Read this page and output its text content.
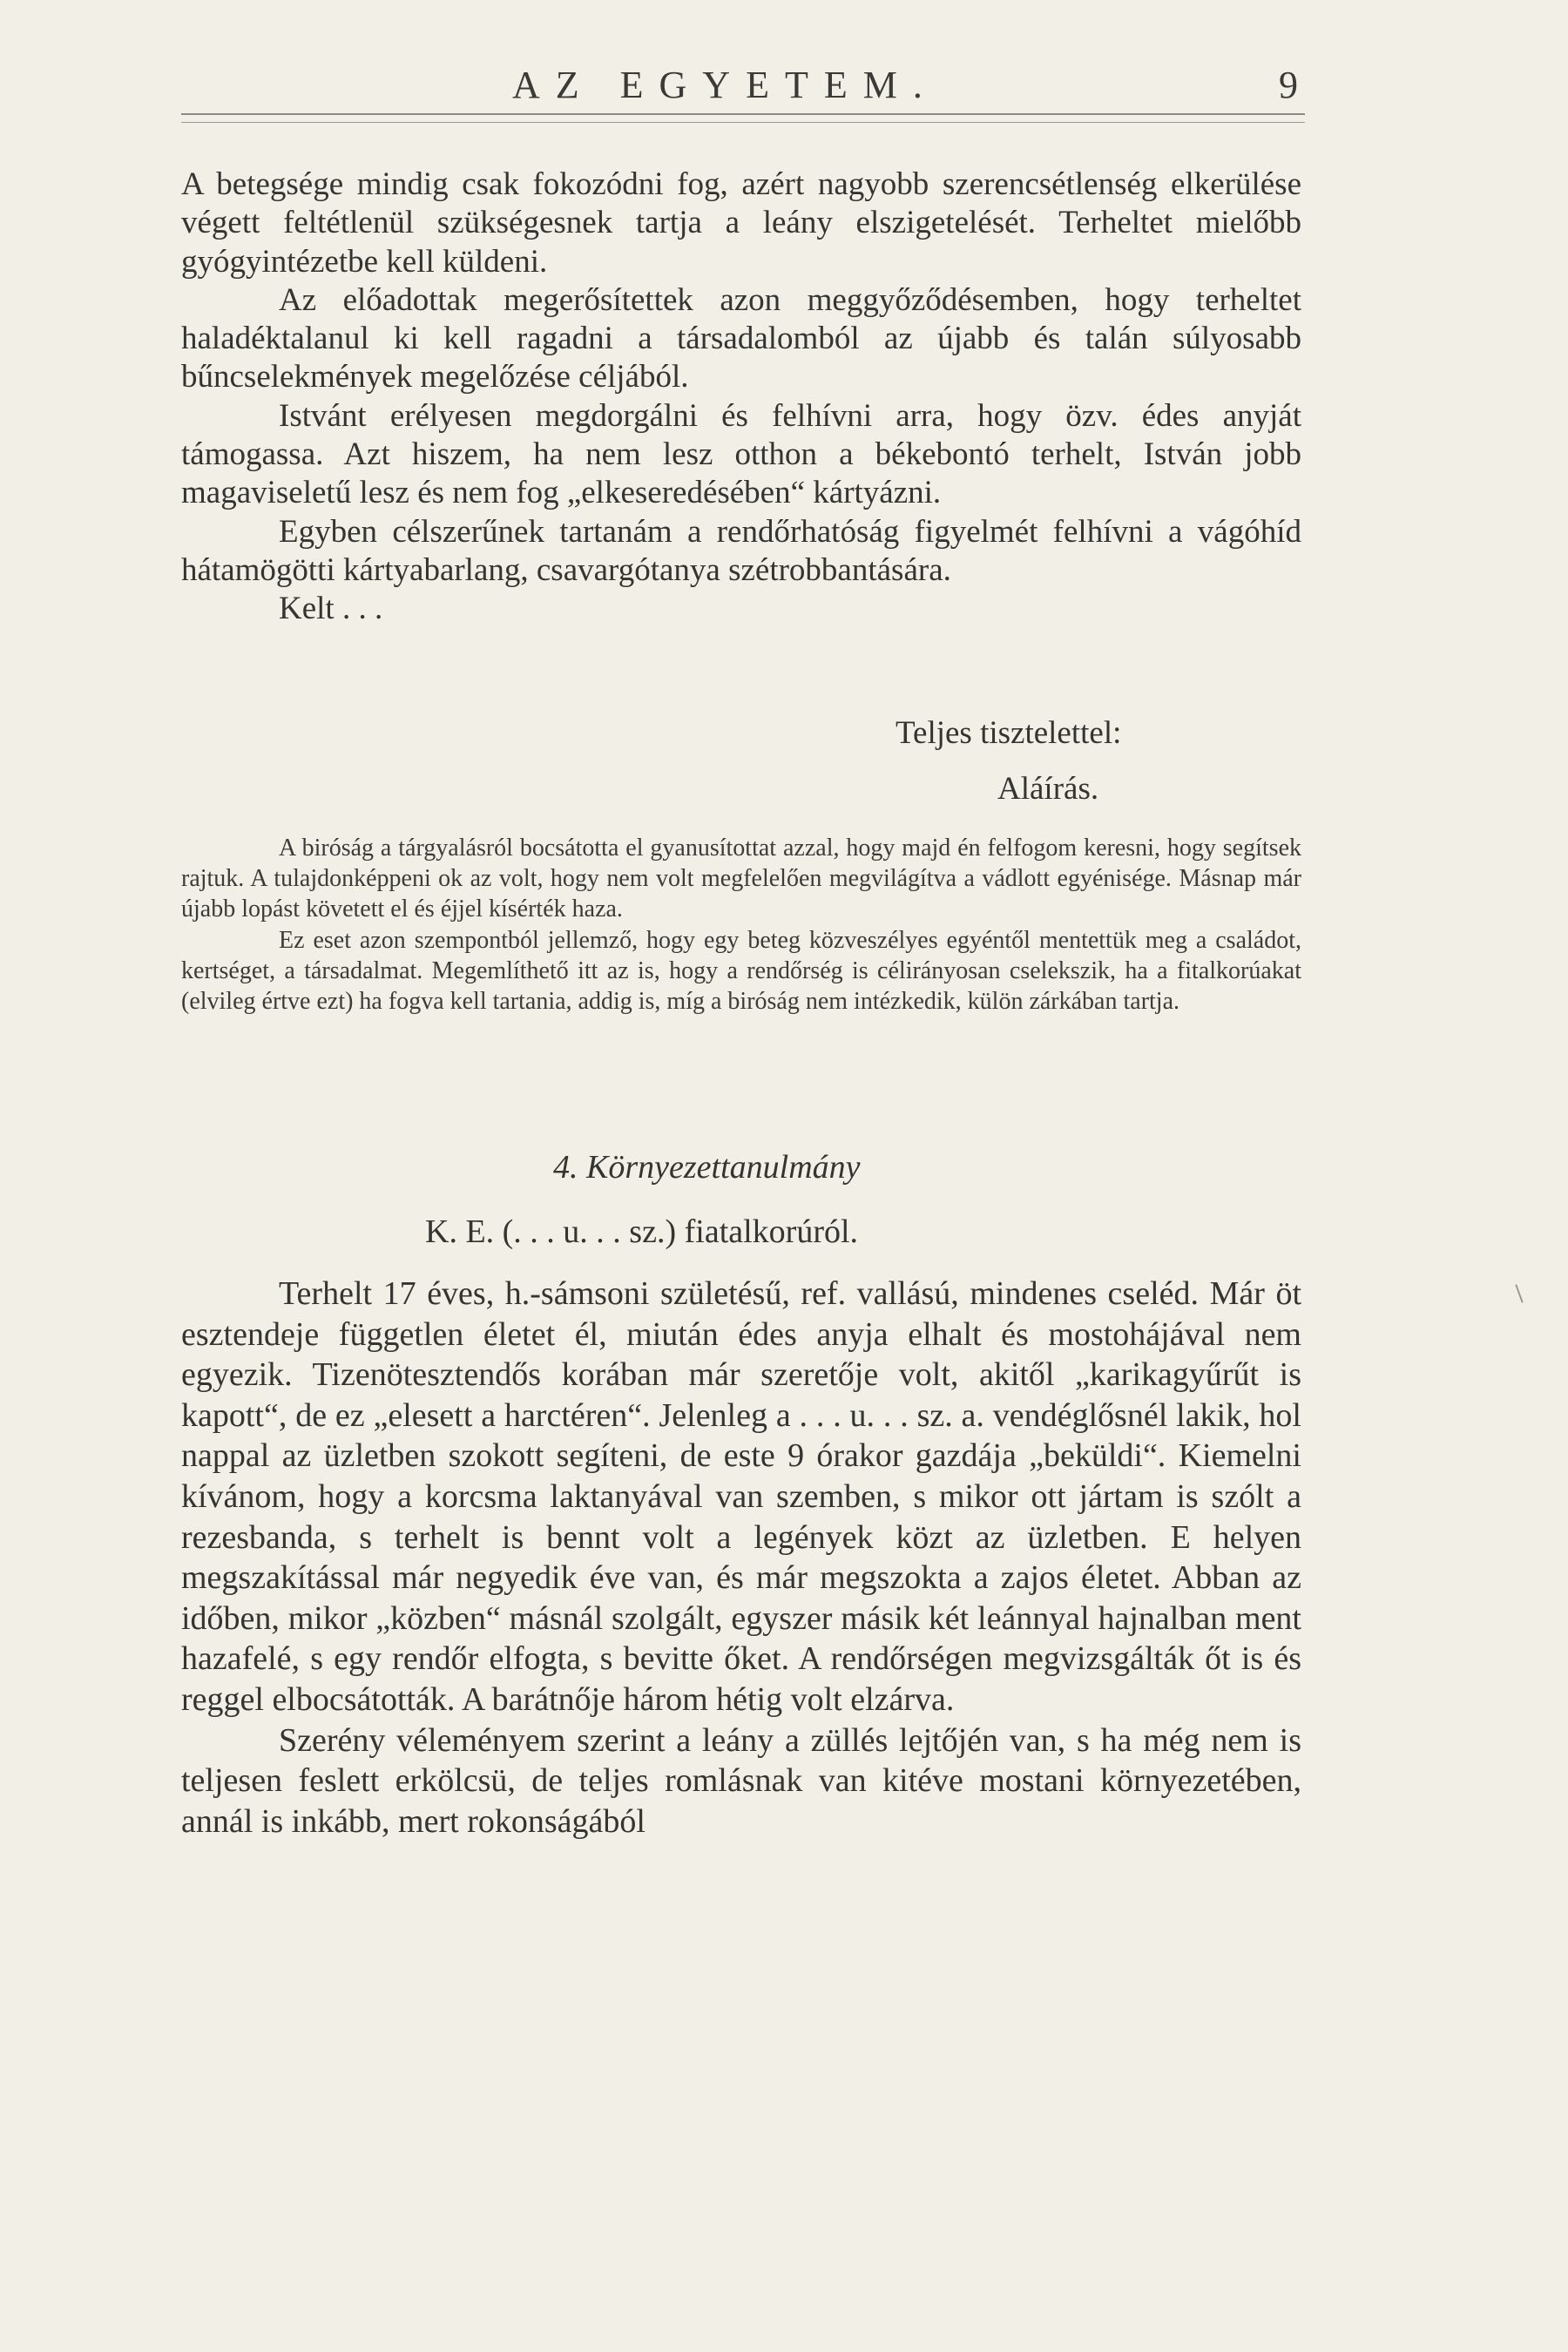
AZ EGYETEM.	9

A betegsége mindig csak fokozódni fog, azért nagyobb szerencsétlenség elkerülése végett feltétlenül szükségesnek tartja a leány elszigetelését. Terheltet mielőbb gyógyintézetbe kell küldeni.

Az előadottak megerősítettek azon meggyőződésemben, hogy terheltet haladéktalanul ki kell ragadni a társadalomból az újabb és talán súlyosabb bűncselekmények megelőzése céljából.

Istvánt erélyesen megdorgálni és felhívni arra, hogy özv. édes anyját támogassa. Azt hiszem, ha nem lesz otthon a békebontó terhelt, István jobb magaviseletű lesz és nem fog „elkeseredésében“ kártyázni.

Egyben célszerűnek tartanám a rendőrhatóság figyelmét felhívni a vágóhíd hátamögötti kártyabarlang, csavargótanya szétrobbantására.

Kelt . . .

Teljes tisztelettel:
Aláírás.

A biróság a tárgyalásról bocsátotta el gyanusítottat azzal, hogy majd én felfogom keresni, hogy segítsek rajtuk. A tulajdonképpeni ok az volt, hogy nem volt megfelelően megvilágítva a vádlott egyénisége. Másnap már újabb lopást követett el és éjjel kísérték haza.

Ez eset azon szempontból jellemző, hogy egy beteg közveszélyes egyéntől mentettük meg a családot, kertséget, a társadalmat. Megemlíthető itt az is, hogy a rendőrség is célirányosan cselekszik, ha a fitalkorúakat (elvileg értve ezt) ha fogva kell tartania, addig is, míg a biróság nem intézkedik, külön zárkában tartja.

4. Környezettanulmány
K. E. (. . . u. . . sz.) fiatalkorúról.

Terhelt 17 éves, h.-sámsoni születésű, ref. vallású, mindenes cseléd. Már öt esztendeje független életet él, miután édes anyja elhalt és mostohájával nem egyezik. Tizenötesztendős korában már szeretője volt, akitől „karikagyűrűt is kapott“, de ez „elesett a harctéren“. Jelenleg a . . . u. . . sz. a. vendéglősnél lakik, hol nappal az üzletben szokott segíteni, de este 9 órakor gazdája „beküldi“. Kiemelni kívánom, hogy a korcsma laktanyával van szemben, s mikor ott jártam is szólt a rezesbanda, s terhelt is bennt volt a legények közt az üzletben. E helyen megszakítással már negyedik éve van, és már megszokta a zajos életet. Abban az időben, mikor „közben“ másnál szolgált, egyszer másik két leánnyal hajnalban ment hazafelé, s egy rendőr elfogta, s bevitte őket. A rendőrségen megvizsgálták őt is és reggel elbocsátották. A barátnője három hétig volt elzárva.

Szerény véleményem szerint a leány a züllés lejtőjén van, s ha még nem is teljesen feslett erkölcsü, de teljes romlásnak van kitéve mostani környezetében, annál is inkább, mert rokonságából
